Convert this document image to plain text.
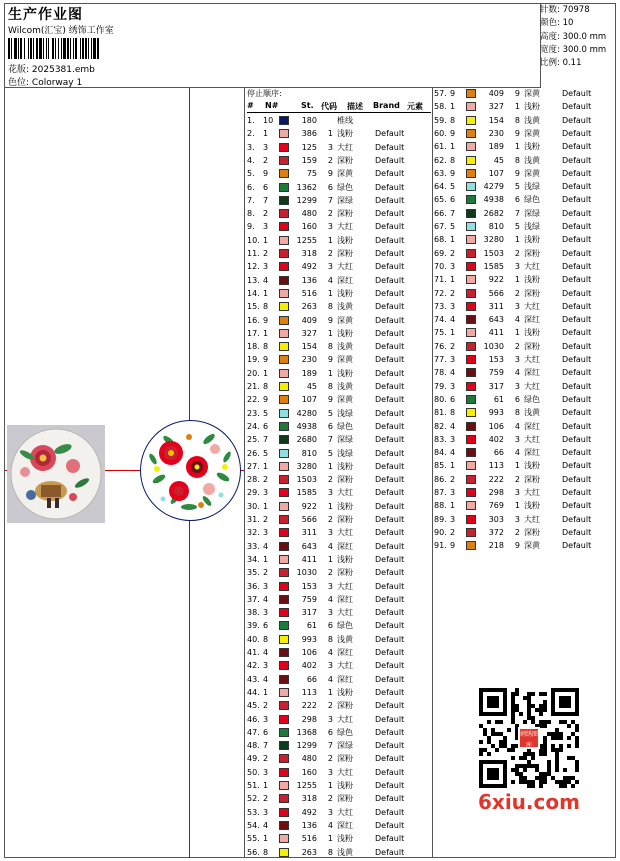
生产作业图
Wilcom(汇宝) 绣饰工作室
花版: 2025381.emb
色位: Colorway 1
针数: 70978
颜色: 10
高度: 300.0 mm
宽度: 300.0 mm
比例: 0.11
停止顺序:
# N#	St. 代码 描述 Brand 元素
1. 10	180	椎线
2. 1	386	1 浅粉	Default
3. 3	125	3 大红	Default
4. 2	159	2 深粉	Default
5. 9	75	9 深黄	Default
6. 6	1362	6 绿色	Default
7. 7	1299	7 深绿	Default
8. 2	480	2 深粉	Default
9. 3	160	3 大红	Default
10. 1	1255	1 浅粉	Default
11. 2	318	2 深粉	Default
12. 3	492	3 大红	Default
13. 4	136	4 深红	Default
14. 1	516	1 浅粉	Default
15. 8	263	8 浅黄	Default
16. 9	409	9 深黄	Default
17. 1	327	1 浅粉	Default
18. 8	154	8 浅黄	Default
19. 9	230	9 深黄	Default
20. 1	189	1 浅粉	Default
21. 8	45	8 浅黄	Default
22. 9	107	9 深黄	Default
23. 5	4280	5 浅绿	Default
24. 6	4938	6 绿色	Default
25. 7	2680	7 深绿	Default
26. 5	810	5 浅绿	Default
27. 1	3280	1 浅粉	Default
28. 2	1503	2 深粉	Default
29. 3	1585	3 大红	Default
30. 1	922	1 浅粉	Default
31. 2	566	2 深粉	Default
32. 3	311	3 大红	Default
33. 4	643	4 深红	Default
34. 1	411	1 浅粉	Default
35. 2	1030	2 深粉	Default
36. 3	153	3 大红	Default
37. 4	759	4 深红	Default
38. 3	317	3 大红	Default
39. 6	61	6 绿色	Default
40. 8	993	8 浅黄	Default
41. 4	106	4 深红	Default
42. 3	402	3 大红	Default
43. 4	66	4 深红	Default
44. 1	113	1 浅粉	Default
45. 2	222	2 深粉	Default
46. 3	298	3 大红	Default
47. 6	1368	6 绿色	Default
48. 7	1299	7 深绿	Default
49. 2	480	2 深粉	Default
50. 3	160	3 大红	Default
51. 1	1255	1 浅粉	Default
52. 2	318	2 深粉	Default
53. 3	492	3 大红	Default
54. 4	136	4 深红	Default
55. 1	516	1 浅粉	Default
56. 8	263	8 浅黄	Default
57. 9	409	9 深黄	Default
58. 1	327	1 浅粉	Default
59. 8	154	8 浅黄	Default
60. 9	230	9 深黄	Default
61. 1	189	1 浅粉	Default
62. 8	45	8 浅黄	Default
63. 9	107	9 深黄	Default
64. 5	4279	5 浅绿	Default
65. 6	4938	6 绿色	Default
66. 7	2682	7 深绿	Default
67. 5	810	5 浅绿	Default
68. 1	3280	1 浅粉	Default
69. 2	1503	2 深粉	Default
70. 3	1585	3 大红	Default
71. 1	922	1 浅粉	Default
72. 2	566	2 深粉	Default
73. 3	311	3 大红	Default
74. 4	643	4 深红	Default
75. 1	411	1 浅粉	Default
76. 2	1030	2 深粉	Default
77. 3	153	3 大红	Default
78. 4	759	4 深红	Default
79. 3	317	3 大红	Default
80. 6	61	6 绿色	Default
81. 8	993	8 浅黄	Default
82. 4	106	4 深红	Default
83. 3	402	3 大红	Default
84. 4	66	4 深红	Default
85. 1	113	1 浅粉	Default
86. 2	222	2 深粉	Default
87. 3	298	3 大红	Default
88. 1	769	1 浅粉	Default
89. 3	303	3 大红	Default
90. 2	372	2 深粉	Default
91. 9	218	9 深黄	Default
刺绣图库
6xiu.com
